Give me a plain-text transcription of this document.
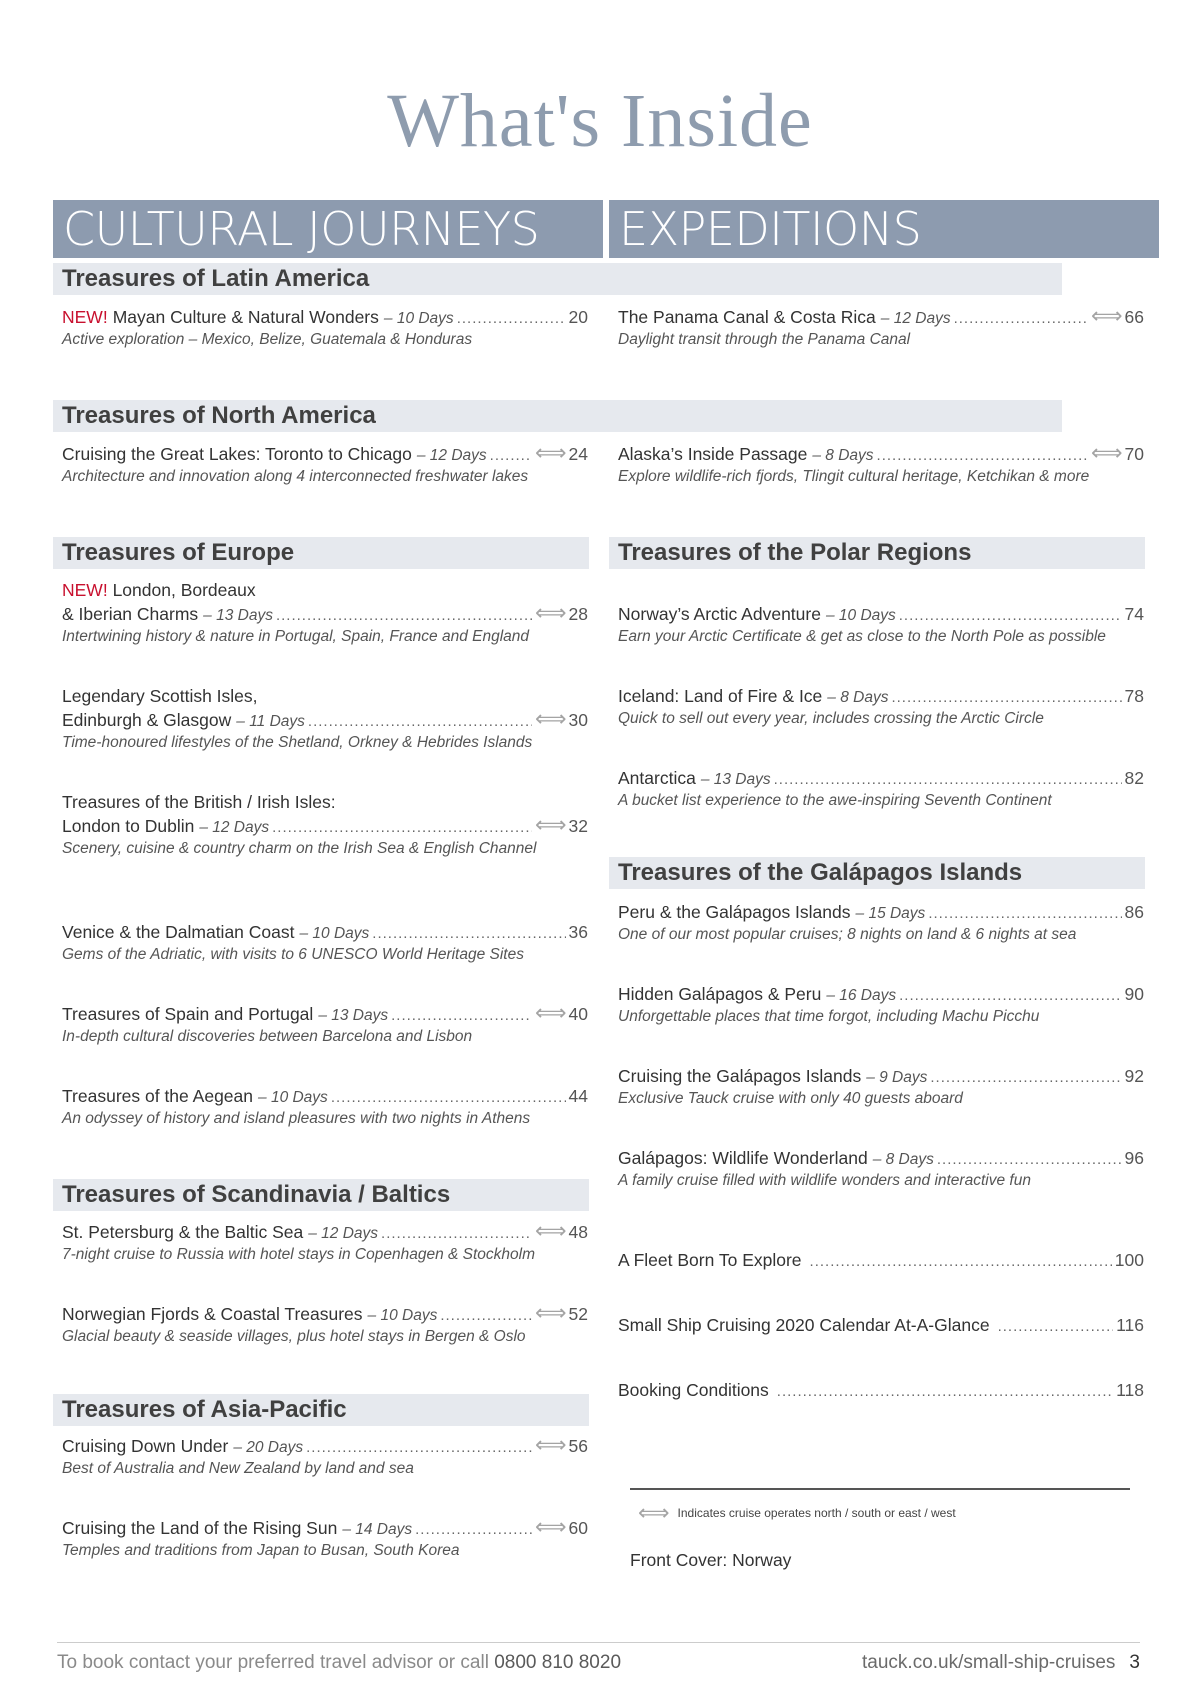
What's Inside
CULTURAL JOURNEYS
Treasures of Latin America
NEW! Mayan Culture & Natural Wonders – 10 Days .....	20
Active exploration – Mexico, Belize, Guatemala & Honduras
Treasures of North America
Cruising the Great Lakes: Toronto to Chicago – 12 Days ..... ⟺ 24
Architecture and innovation along 4 interconnected freshwater lakes
Treasures of Europe
NEW! London, Bordeaux
& Iberian Charms – 13 Days .....	⟺ 28
Intertwining history & nature in Portugal, Spain, France and England
Legendary Scottish Isles,
Edinburgh & Glasgow – 11 Days .....	⟺ 30
Time-honoured lifestyles of the Shetland, Orkney & Hebrides Islands
Treasures of the British / Irish Isles:
London to Dublin – 12 Days .....	⟺ 32
Scenery, cuisine & country charm on the Irish Sea & English Channel
Venice & the Dalmatian Coast – 10 Days .....	36
Gems of the Adriatic, with visits to 6 UNESCO World Heritage Sites
Treasures of Spain and Portugal – 13 Days .....	⟺ 40
In-depth cultural discoveries between Barcelona and Lisbon
Treasures of the Aegean – 10 Days .....	44
An odyssey of history and island pleasures with two nights in Athens
Treasures of Scandinavia / Baltics
St. Petersburg & the Baltic Sea – 12 Days .....	⟺ 48
7-night cruise to Russia with hotel stays in Copenhagen & Stockholm
Norwegian Fjords & Coastal Treasures – 10 Days .....	⟺ 52
Glacial beauty & seaside villages, plus hotel stays in Bergen & Oslo
Treasures of Asia-Pacific
Cruising Down Under – 20 Days .....	⟺ 56
Best of Australia and New Zealand by land and sea
Cruising the Land of the Rising Sun – 14 Days .....	⟺ 60
Temples and traditions from Japan to Busan, South Korea
EXPEDITIONS
The Panama Canal & Costa Rica – 12 Days .....	⟺ 66
Daylight transit through the Panama Canal
Alaska’s Inside Passage – 8 Days .....	⟺ 70
Explore wildlife-rich fjords, Tlingit cultural heritage, Ketchikan & more
Treasures of the Polar Regions
Norway’s Arctic Adventure – 10 Days .....	74
Earn your Arctic Certificate & get as close to the North Pole as possible
Iceland: Land of Fire & Ice – 8 Days .....	78
Quick to sell out every year, includes crossing the Arctic Circle
Antarctica – 13 Days .....	82
A bucket list experience to the awe-inspiring Seventh Continent
Treasures of the Galápagos Islands
Peru & the Galápagos Islands – 15 Days .....	86
One of our most popular cruises; 8 nights on land & 6 nights at sea
Hidden Galápagos & Peru – 16 Days .....	90
Unforgettable places that time forgot, including Machu Picchu
Cruising the Galápagos Islands – 9 Days .....	92
Exclusive Tauck cruise with only 40 guests aboard
Galápagos: Wildlife Wonderland – 8 Days .....	96
A family cruise filled with wildlife wonders and interactive fun
A Fleet Born To Explore .....	100
Small Ship Cruising 2020 Calendar At-A-Glance .....	116
Booking Conditions .....	118
⟺ Indicates cruise operates north / south or east / west
Front Cover: Norway
To book contact your preferred travel advisor or call 0800 810 8020	tauck.co.uk/small-ship-cruises 3
